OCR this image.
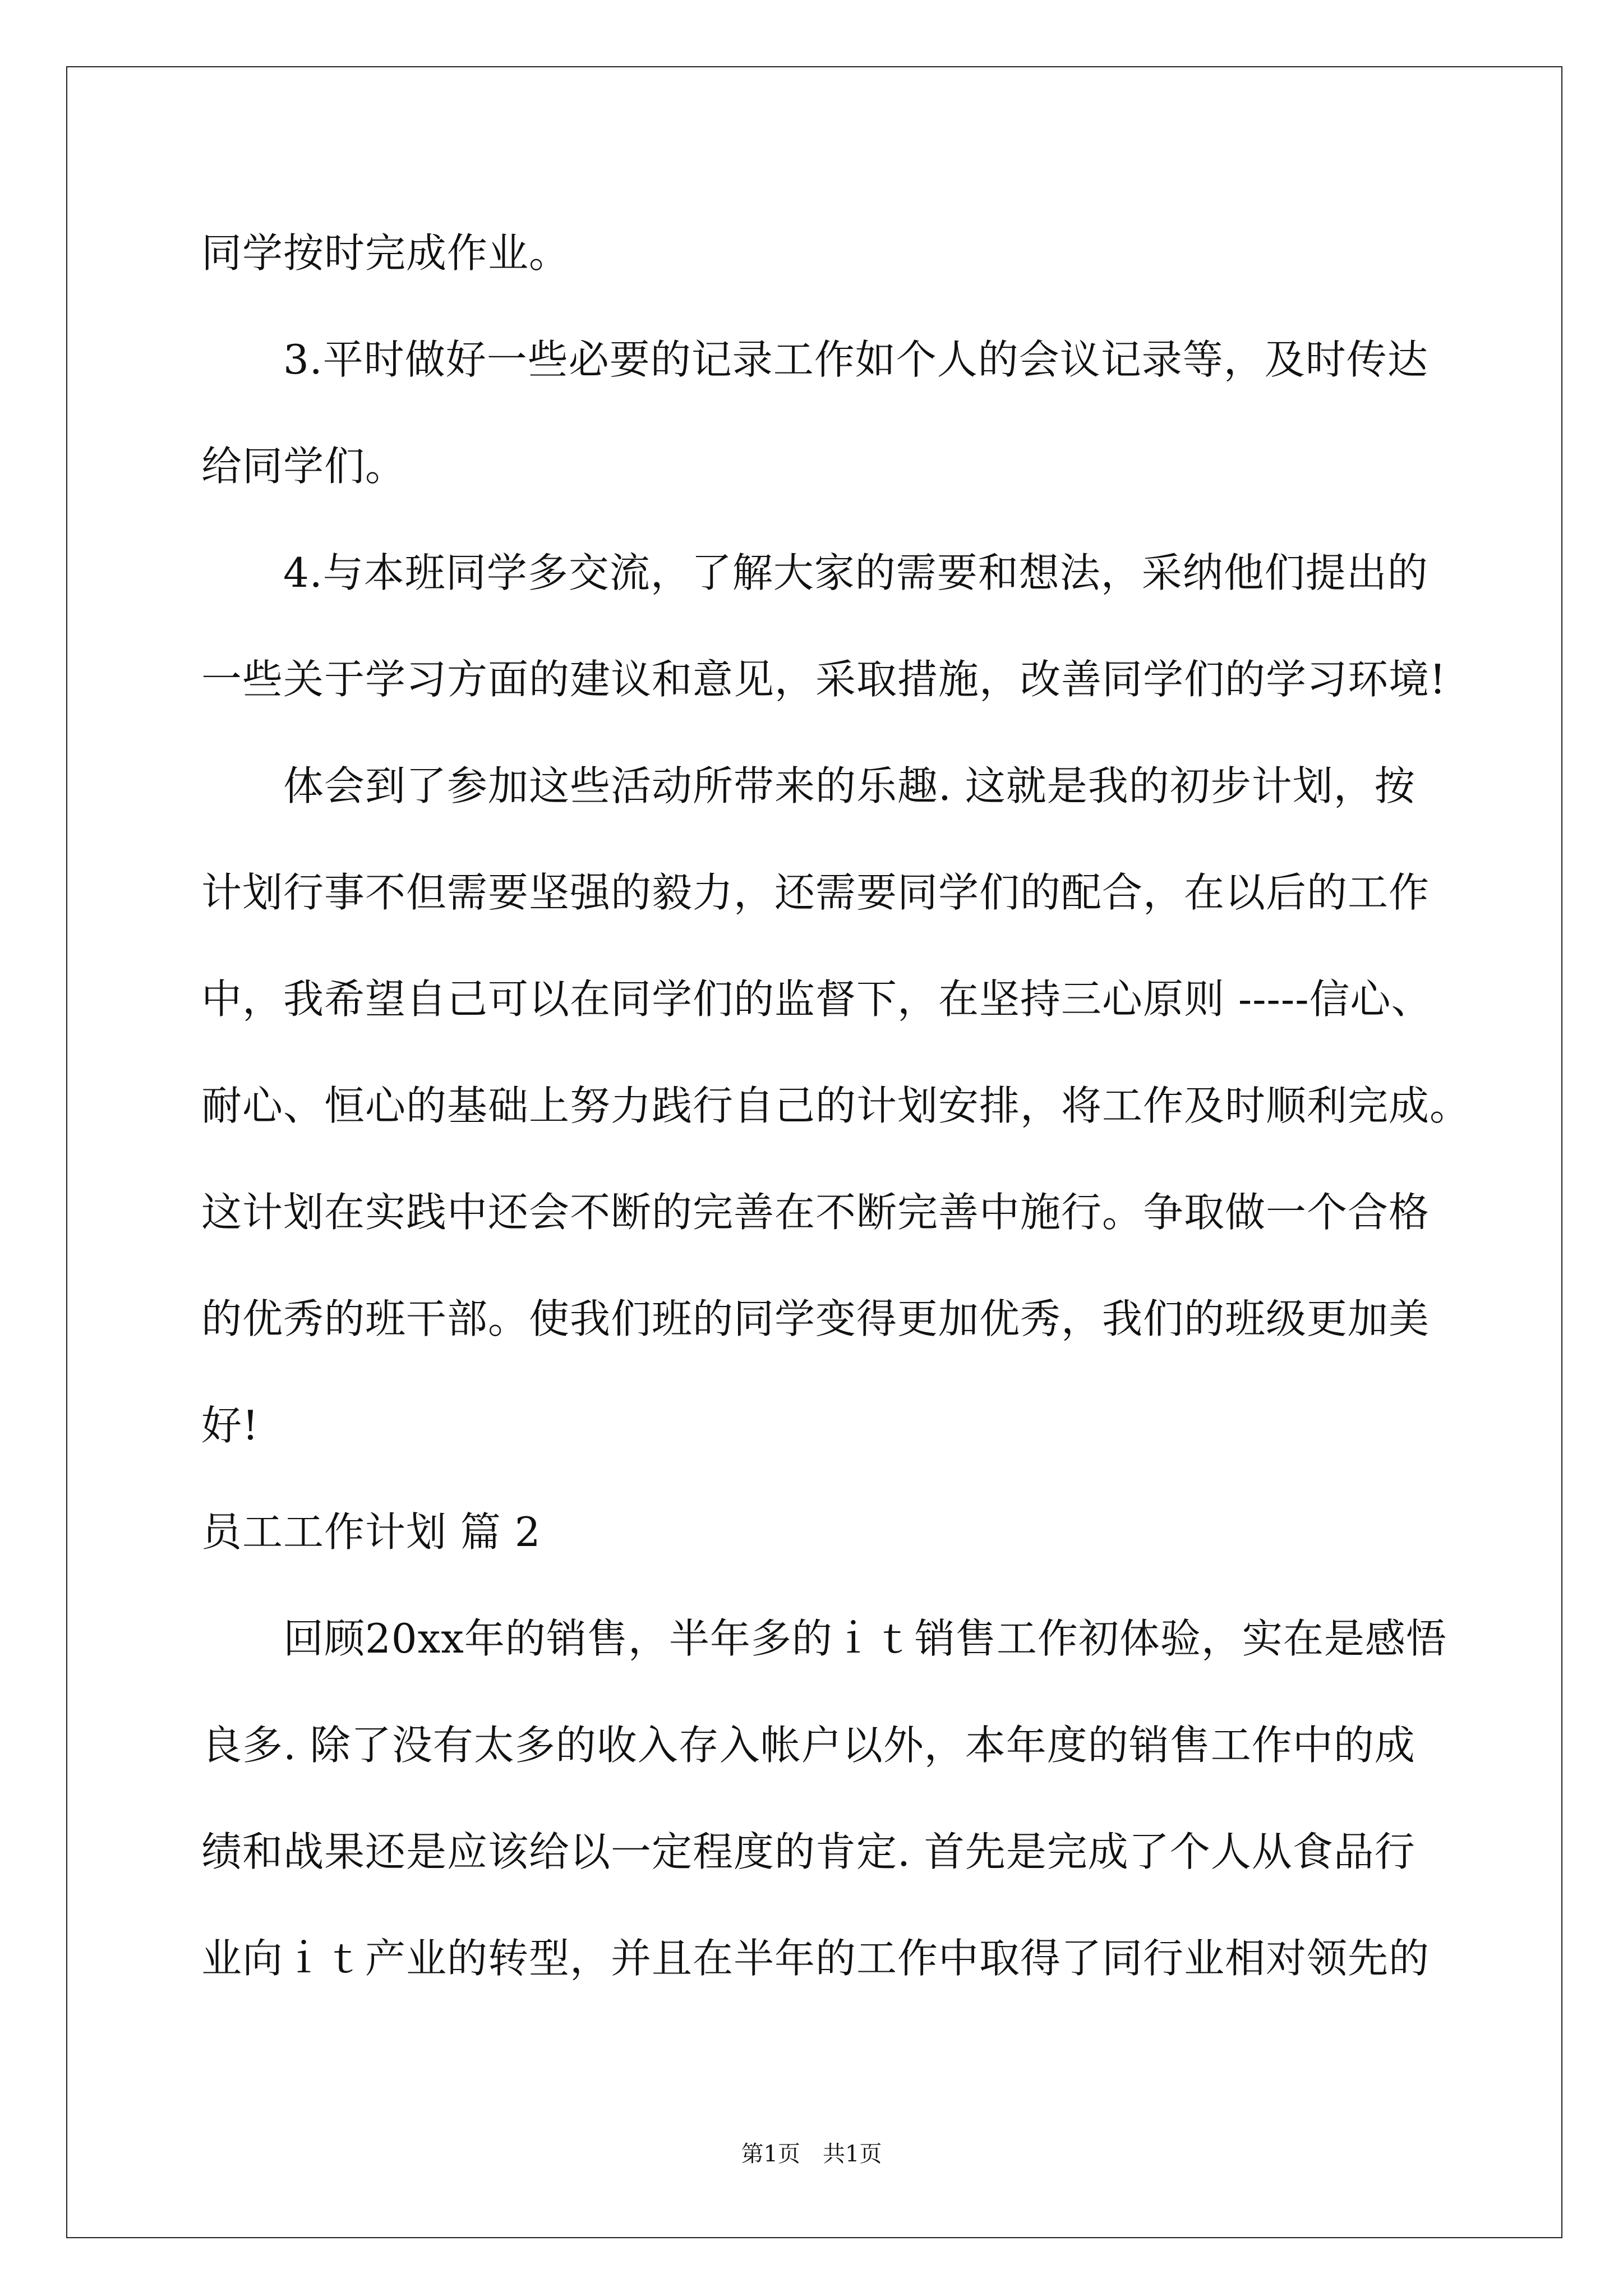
同学按时完成作业。
3.平时做好一些必要的记录工作如个人的会议记录等，及时传达
给同学们。
4.与本班同学多交流，了解大家的需要和想法，采纳他们提出的
一些关于学习方面的建议和意见，采取措施，改善同学们的学习环境!
体会到了参加这些活动所带来的乐趣. 这就是我的初步计划，按
计划行事不但需要坚强的毅力，还需要同学们的配合，在以后的工作
中，我希望自己可以在同学们的监督下，在坚持三心原则 -----信心、
耐心、恒心的基础上努力践行自己的计划安排，将工作及时顺利完成。
这计划在实践中还会不断的完善在不断完善中施行。争取做一个合格
的优秀的班干部。使我们班的同学变得更加优秀，我们的班级更加美
好!
员工工作计划 篇 2
回顾20xx年的销售，半年多的ｉｔ销售工作初体验，实在是感悟
良多. 除了没有太多的收入存入帐户以外，本年度的销售工作中的成
绩和战果还是应该给以一定程度的肯定. 首先是完成了个人从食品行
业向ｉｔ产业的转型，并且在半年的工作中取得了同行业相对领先的
第1页　共1页
